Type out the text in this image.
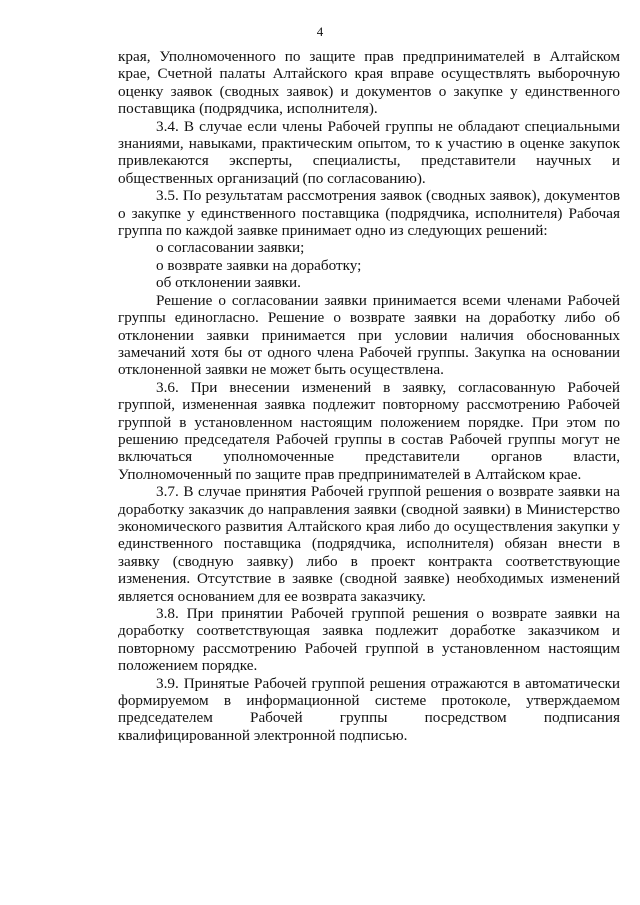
4

края, Уполномоченного по защите прав предпринимателей в Алтайском крае, Счетной палаты Алтайского края вправе осуществлять выборочную оценку заявок (сводных заявок) и документов о закупке у единственного поставщика (подрядчика, исполнителя).

3.4. В случае если члены Рабочей группы не обладают специальными знаниями, навыками, практическим опытом, то к участию в оценке закупок привлекаются эксперты, специалисты, представители научных и общественных организаций (по согласованию).

3.5. По результатам рассмотрения заявок (сводных заявок), документов о закупке у единственного поставщика (подрядчика, исполнителя) Рабочая группа по каждой заявке принимает одно из следующих решений:

о согласовании заявки;

о возврате заявки на доработку;

об отклонении заявки.

Решение о согласовании заявки принимается всеми членами Рабочей группы единогласно. Решение о возврате заявки на доработку либо об отклонении заявки принимается при условии наличия обоснованных замечаний хотя бы от одного члена Рабочей группы. Закупка на основании отклоненной заявки не может быть осуществлена.

3.6. При внесении изменений в заявку, согласованную Рабочей группой, измененная заявка подлежит повторному рассмотрению Рабочей группой в установленном настоящим положением порядке. При этом по решению председателя Рабочей группы в состав Рабочей группы могут не включаться уполномоченные представители органов власти, Уполномоченный по защите прав предпринимателей в Алтайском крае.

3.7. В случае принятия Рабочей группой решения о возврате заявки на доработку заказчик до направления заявки (сводной заявки) в Министерство экономического развития Алтайского края либо до осуществления закупки у единственного поставщика (подрядчика, исполнителя) обязан внести в заявку (сводную заявку) либо в проект контракта соответствующие изменения. Отсутствие в заявке (сводной заявке) необходимых изменений является основанием для ее возврата заказчику.

3.8. При принятии Рабочей группой решения о возврате заявки на доработку соответствующая заявка подлежит доработке заказчиком и повторному рассмотрению Рабочей группой в установленном настоящим положением порядке.

3.9. Принятые Рабочей группой решения отражаются в автоматически формируемом в информационной системе протоколе, утверждаемом председателем Рабочей группы посредством подписания квалифицированной электронной подписью.
